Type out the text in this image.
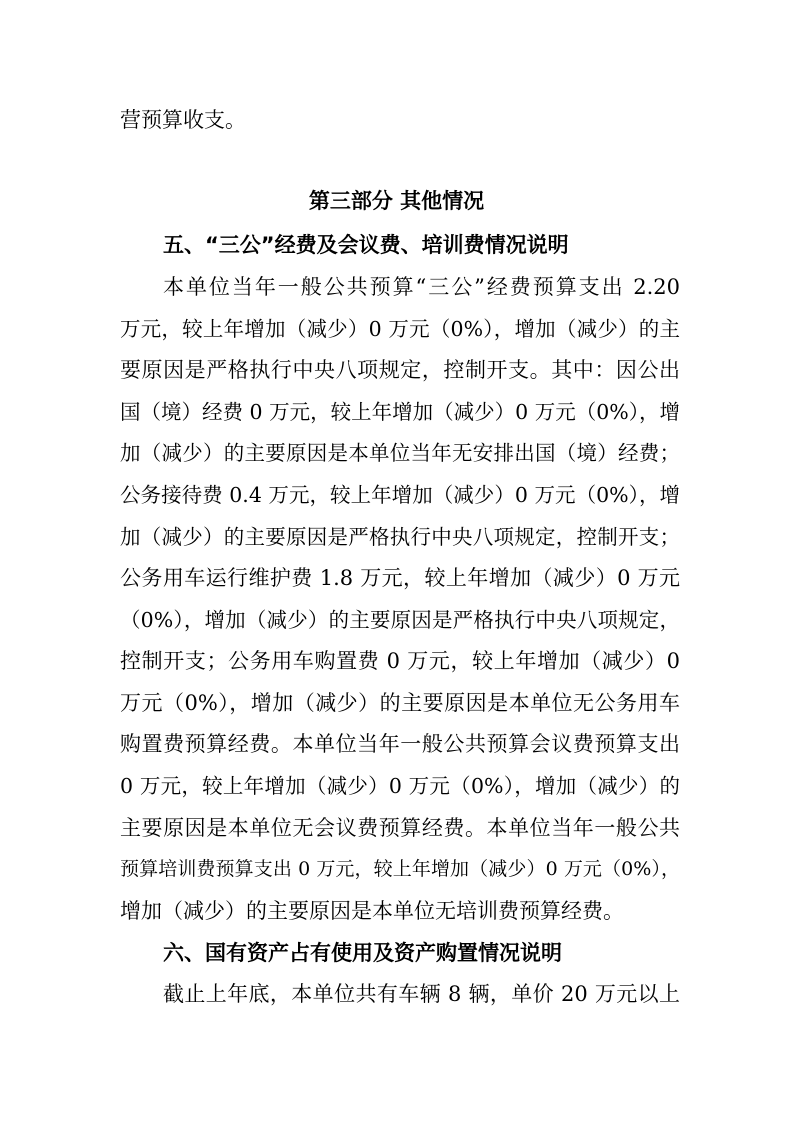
营预算收支。
第三部分 其他情况
五、“三公”经费及会议费、培训费情况说明
本单位当年一般公共预算“三公”经费预算支出 2.20
万元，较上年增加（减少）0 万元（0%），增加（减少）的主
要原因是严格执行中央八项规定，控制开支。其中：因公出
国（境）经费 0 万元，较上年增加（减少）0 万元（0%），增
加（减少）的主要原因是本单位当年无安排出国（境）经费；
公务接待费 0.4 万元，较上年增加（减少）0 万元（0%），增
加（减少）的主要原因是严格执行中央八项规定，控制开支；
公务用车运行维护费 1.8 万元，较上年增加（减少）0 万元
（0%），增加（减少）的主要原因是严格执行中央八项规定，
控制开支；公务用车购置费 0 万元，较上年增加（减少）0
万元（0%），增加（减少）的主要原因是本单位无公务用车
购置费预算经费。本单位当年一般公共预算会议费预算支出
0 万元，较上年增加（减少）0 万元（0%），增加（减少）的
主要原因是本单位无会议费预算经费。本单位当年一般公共
预算培训费预算支出 0 万元，较上年增加（减少）0 万元（0%），
增加（减少）的主要原因是本单位无培训费预算经费。
六、国有资产占有使用及资产购置情况说明
截止上年底，本单位共有车辆 8 辆，单价 20 万元以上
